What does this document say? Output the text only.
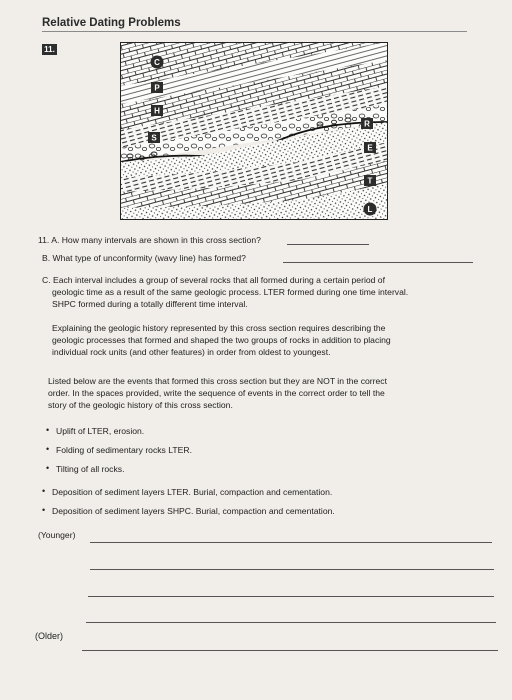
Relative Dating Problems
11.
C
P
H
S
R
E
T
L
11. A. How many intervals are shown in this cross section?
B. What type of unconformity (wavy line) has formed?
C. Each interval includes a group of several rocks that all formed during a certain period of
geologic time as a result of the same geologic process. LTER formed during one time interval.
SHPC formed during a totally different time interval.
Explaining the geologic history represented by this cross section requires describing the
geologic processes that formed and shaped the two groups of rocks in addition to placing
individual rock units (and other features) in order from oldest to youngest.
Listed below are the events that formed this cross section but they are NOT in the correct
order. In the spaces provided, write the sequence of events in the correct order to tell the
story of the geologic history of this cross section.
• Uplift of LTER, erosion.
• Folding of sedimentary rocks LTER.
• Tilting of all rocks.
• Deposition of sediment layers LTER. Burial, compaction and cementation.
• Deposition of sediment layers SHPC. Burial, compaction and cementation.
(Younger)
(Older)
